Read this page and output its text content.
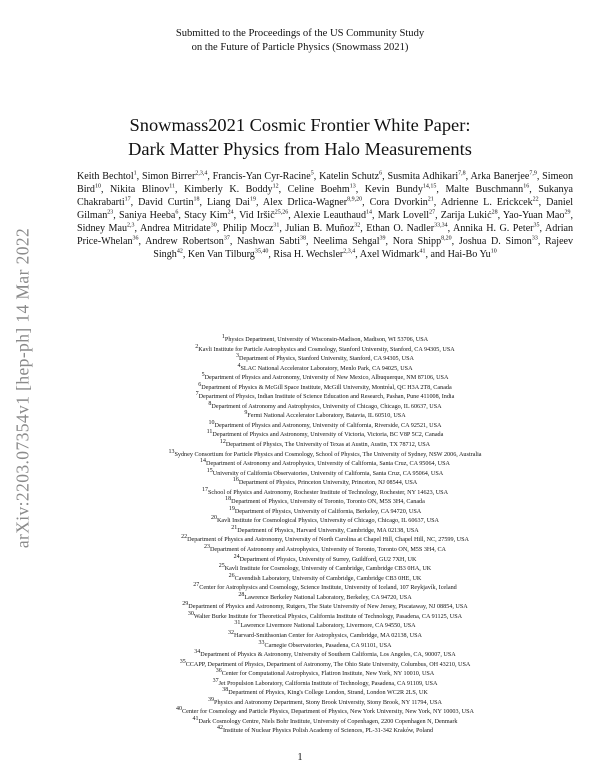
arXiv:2203.07354v1 [hep-ph] 14 Mar 2022
Submitted to the Proceedings of the US Community Study
on the Future of Particle Physics (Snowmass 2021)
Snowmass2021 Cosmic Frontier White Paper:
Dark Matter Physics from Halo Measurements
Keith Bechtol$^1$, Simon Birrer$^{2,3,4}$, Francis-Yan Cyr-Racine$^5$, Katelin Schutz$^6$, Susmita Adhikari$^{7,8}$, Arka Banerjee$^{7,9}$, Simeon Bird$^{10}$, Nikita Blinov$^{11}$, Kimberly K. Boddy$^{12}$, Celine Boehm$^{13}$, Kevin Bundy$^{14,15}$, Malte Buschmann$^{16}$, Sukanya Chakrabarti$^{17}$, David Curtin$^{18}$, Liang Dai$^{19}$, Alex Drlica-Wagner$^{8,9,20}$, Cora Dvorkin$^{21}$, Adrienne L. Erickcek$^{22}$, Daniel Gilman$^{23}$, Saniya Heeba$^6$, Stacy Kim$^{24}$, Vid Iršič$^{25,26}$, Alexie Leauthaud$^{14}$, Mark Lovell$^{27}$, Zarija Lukić$^{28}$, Yao-Yuan Mao$^{29}$, Sidney Mau$^{2,3}$, Andrea Mitridate$^{30}$, Philip Mocz$^{31}$, Julian B. Muñoz$^{32}$, Ethan O. Nadler$^{33,34}$, Annika H. G. Peter$^{35}$, Adrian Price-Whelan$^{36}$, Andrew Robertson$^{37}$, Nashwan Sabti$^{38}$, Neelima Sehgal$^{39}$, Nora Shipp$^{8,20}$, Joshua D. Simon$^{33}$, Rajeev Singh$^{42}$, Ken Van Tilburg$^{35,40}$, Risa H. Wechsler$^{2,3,4}$, Axel Widmark$^{41}$, and Hai-Bo Yu$^{10}$
$^1$Physics Department, University of Wisconsin-Madison, Madison, WI 53706, USA
$^2$Kavli Institute for Particle Astrophysics and Cosmology, Stanford University, Stanford, CA 94305, USA
$^3$Department of Physics, Stanford University, Stanford, CA 94305, USA
$^4$SLAC National Accelerator Laboratory, Menlo Park, CA 94025, USA
$^5$Department of Physics and Astronomy, University of New Mexico, Albuquerque, NM 87106, USA
$^6$Department of Physics & McGill Space Institute, McGill University, Montréal, QC H3A 2T8, Canada
$^7$Department of Physics, Indian Institute of Science Education and Research, Pashan, Pune 411008, India
$^8$Department of Astronomy and Astrophysics, University of Chicago, Chicago, IL 60637, USA
$^9$Fermi National Accelerator Laboratory, Batavia, IL 60510, USA
$^{10}$Department of Physics and Astronomy, University of California, Riverside, CA 92521, USA
$^{11}$Department of Physics and Astronomy, University of Victoria, Victoria, BC V8P 5C2, Canada
$^{12}$Department of Physics, The University of Texas at Austin, Austin, TX 78712, USA
$^{13}$Sydney Consortium for Particle Physics and Cosmology, School of Physics, The University of Sydney, NSW 2006, Australia
$^{14}$Department of Astronomy and Astrophysics, University of California, Santa Cruz, CA 95064, USA
$^{15}$University of California Observatories, University of California, Santa Cruz, CA 95064, USA
$^{16}$Department of Physics, Princeton University, Princeton, NJ 08544, USA
$^{17}$School of Physics and Astronomy, Rochester Institute of Technology, Rochester, NY 14623, USA
$^{18}$Department of Physics, University of Toronto, Toronto ON, M5S 3H4, Canada
$^{19}$Department of Physics, University of California, Berkeley, CA 94720, USA
$^{20}$Kavli Institute for Cosmological Physics, University of Chicago, Chicago, IL 60637, USA
$^{21}$Department of Physics, Harvard University, Cambridge, MA 02138, USA
$^{22}$Department of Physics and Astronomy, University of North Carolina at Chapel Hill, Chapel Hill, NC, 27599, USA
$^{23}$Department of Astronomy and Astrophysics, University of Toronto, Toronto ON, M5S 3H4, CA
$^{24}$Department of Physics, University of Surrey, Guildford, GU2 7XH, UK
$^{25}$Kavli Institute for Cosmology, University of Cambridge, Cambridge CB3 0HA, UK
$^{26}$Cavendish Laboratory, University of Cambridge, Cambridge CB3 0HE, UK
$^{27}$Center for Astrophysics and Cosmology, Science Institute, University of Iceland, 107 Reykjavík, Iceland
$^{28}$Lawrence Berkeley National Laboratory, Berkeley, CA 94720, USA
$^{29}$Department of Physics and Astronomy, Rutgers, The State University of New Jersey, Piscataway, NJ 08854, USA
$^{30}$Walter Burke Institute for Theoretical Physics, California Institute of Technology, Pasadena, CA 91125, USA
$^{31}$Lawrence Livermore National Laboratory, Livermore, CA 94550, USA
$^{32}$Harvard-Smithsonian Center for Astrophysics, Cambridge, MA 02138, USA
$^{33}$Carnegie Observatories, Pasadena, CA 91101, USA
$^{34}$Department of Physics & Astronomy, University of Southern California, Los Angeles, CA, 90007, USA
$^{35}$CCAPP, Department of Physics, Department of Astronomy, The Ohio State University, Columbus, OH 43210, USA
$^{36}$Center for Computational Astrophysics, Flatiron Institute, New York, NY 10010, USA
$^{37}$Jet Propulsion Laboratory, California Institute of Technology, Pasadena, CA 91109, USA
$^{38}$Department of Physics, King's College London, Strand, London WC2R 2LS, UK
$^{39}$Physics and Astronomy Department, Stony Brook University, Stony Brook, NY 11794, USA
$^{40}$Center for Cosmology and Particle Physics, Department of Physics, New York University, New York, NY 10003, USA
$^{41}$Dark Cosmology Centre, Niels Bohr Institute, University of Copenhagen, 2200 Copenhagen N, Denmark
$^{42}$Institute of Nuclear Physics Polish Academy of Sciences, PL-31-342 Kraków, Poland
1
